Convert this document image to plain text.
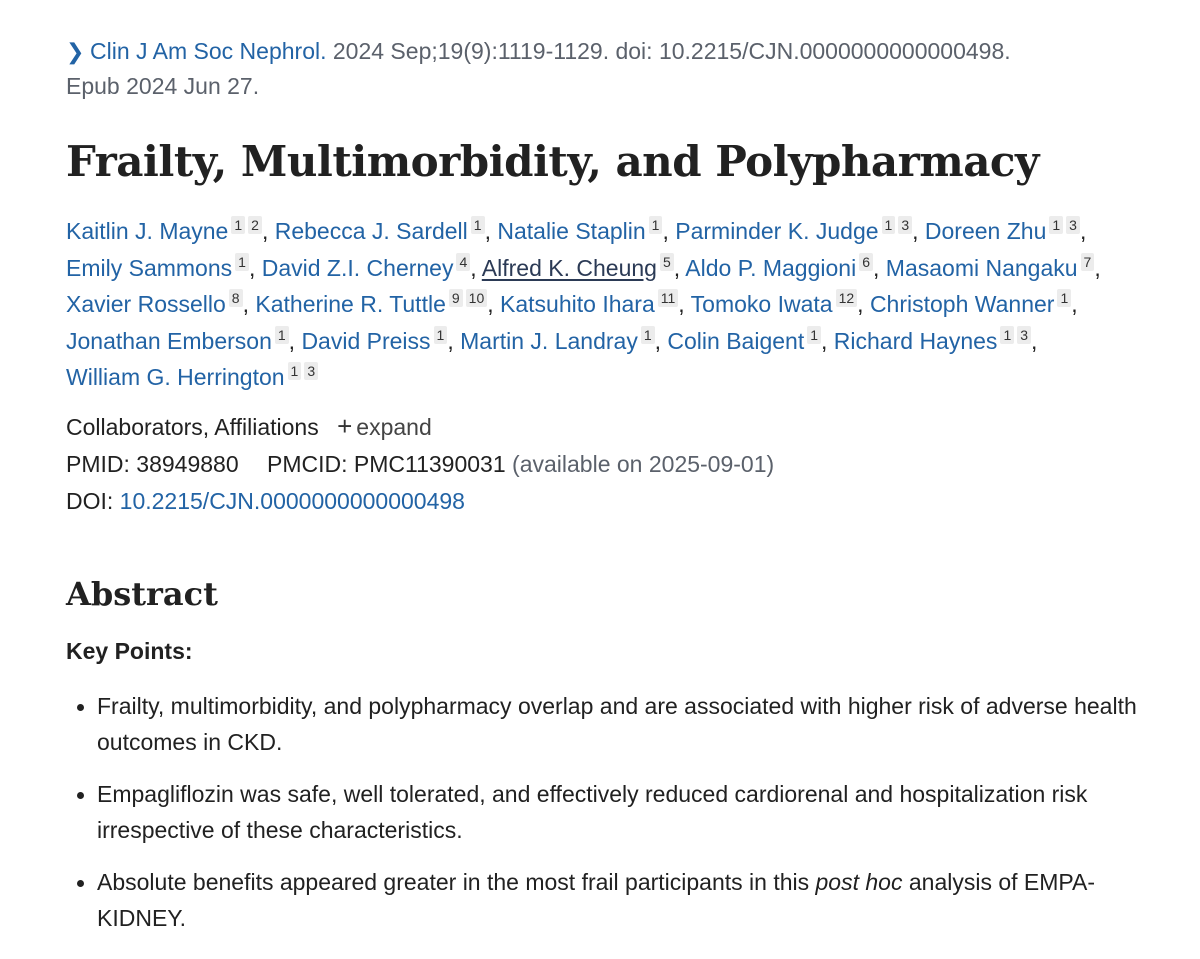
❯ Clin J Am Soc Nephrol. 2024 Sep;19(9):1119-1129. doi: 10.2215/CJN.0000000000000498.
Epub 2024 Jun 27.
Frailty, Multimorbidity, and Polypharmacy
Kaitlin J. Mayne 1 2 , Rebecca J. Sardell 1 , Natalie Staplin 1 , Parminder K. Judge 1 3 , Doreen Zhu 1 3 , Emily Sammons 1 , David Z.I. Cherney 4 , Alfred K. Cheung 5 , Aldo P. Maggioni 6 , Masaomi Nangaku 7 , Xavier Rossello 8 , Katherine R. Tuttle 9 10 , Katsuhito Ihara 11 , Tomoko Iwata 12 , Christoph Wanner 1 , Jonathan Emberson 1 , David Preiss 1 , Martin J. Landray 1 , Colin Baigent 1 , Richard Haynes 1 3 , William G. Herrington 1 3
Collaborators, Affiliations + expand
PMID: 38949880 PMCID: PMC11390031 (available on 2025-09-01)
DOI: 10.2215/CJN.0000000000000498
Abstract
Key Points:
• Frailty, multimorbidity, and polypharmacy overlap and are associated with higher risk of adverse health outcomes in CKD.
• Empagliflozin was safe, well tolerated, and effectively reduced cardiorenal and hospitalization risk irrespective of these characteristics.
• Absolute benefits appeared greater in the most frail participants in this post hoc analysis of EMPA-KIDNEY.
